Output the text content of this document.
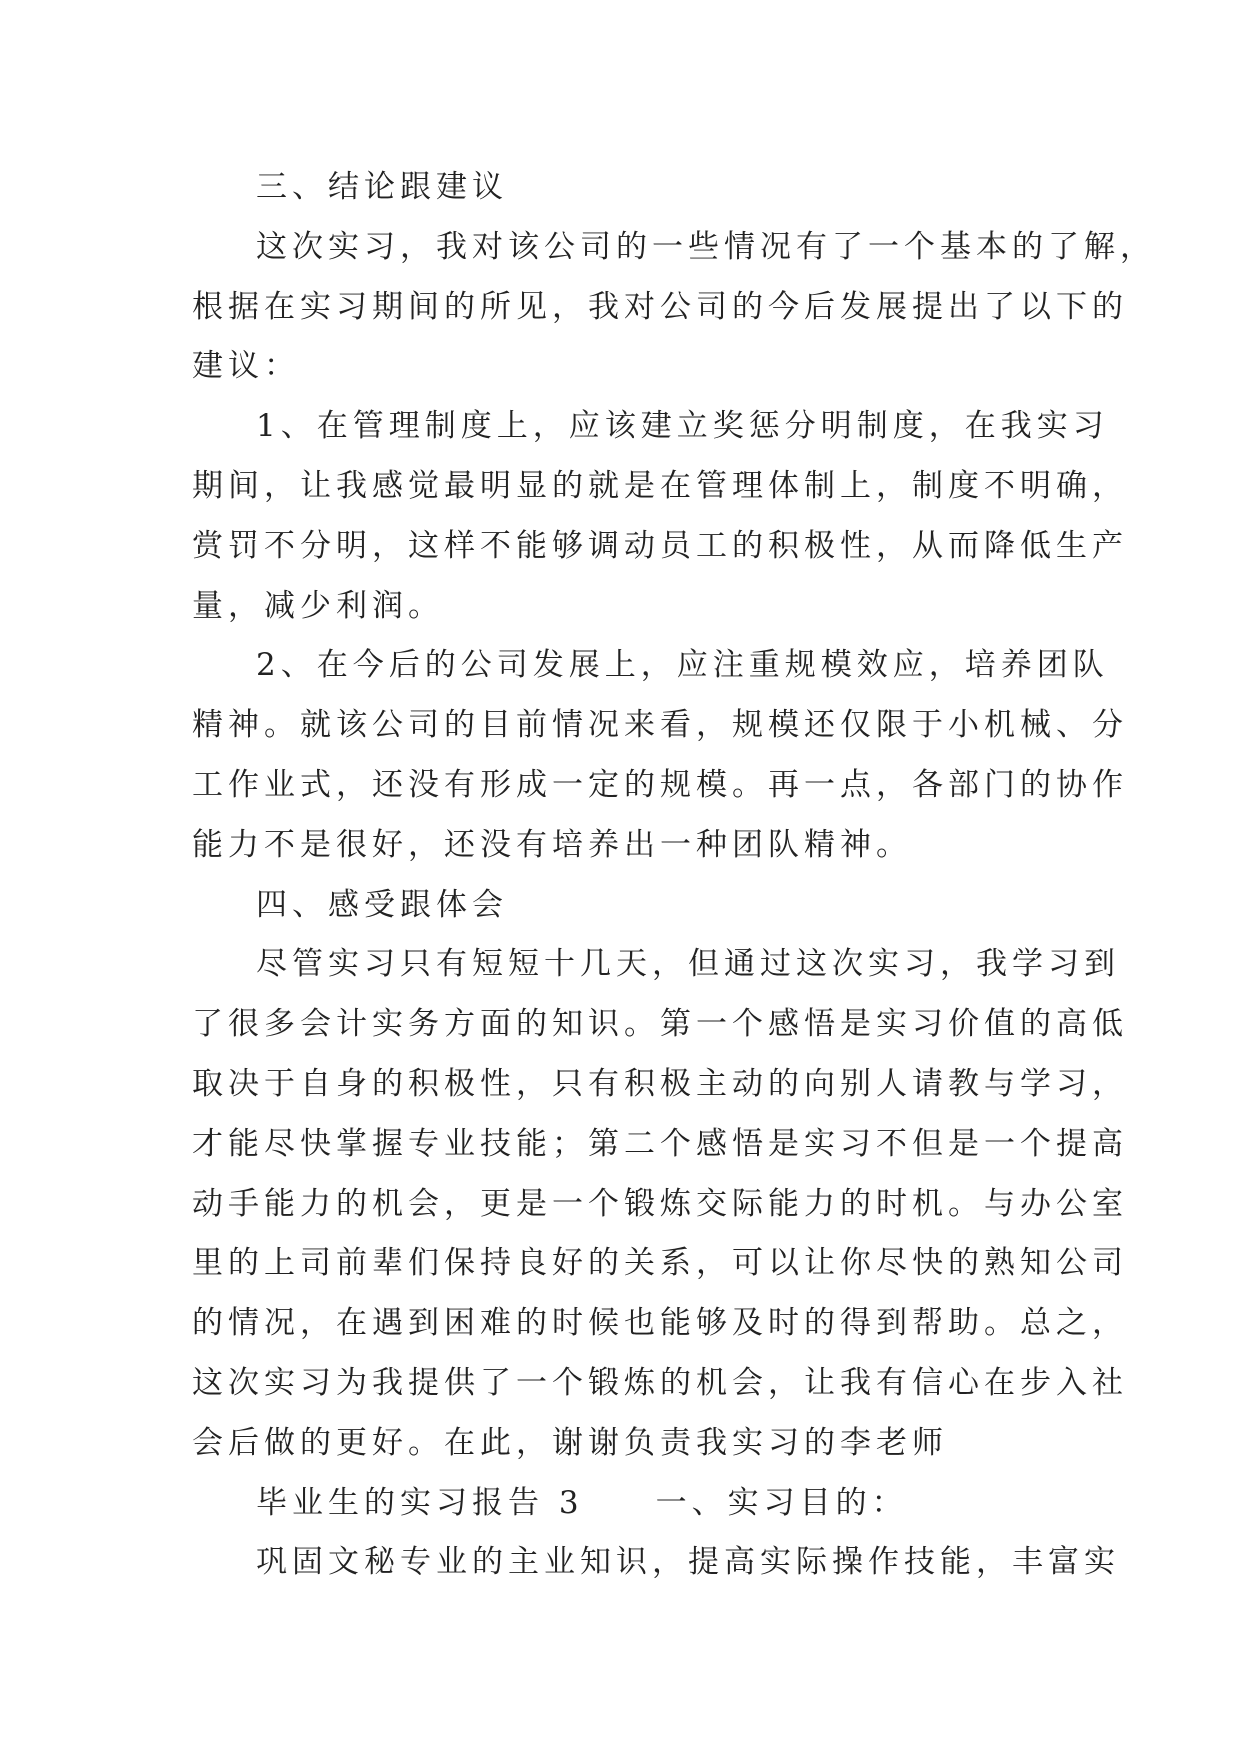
三、结论跟建议
这次实习，我对该公司的一些情况有了一个基本的了解，
根据在实习期间的所见，我对公司的今后发展提出了以下的
建议：
1、在管理制度上，应该建立奖惩分明制度，在我实习
期间，让我感觉最明显的就是在管理体制上，制度不明确，
赏罚不分明，这样不能够调动员工的积极性，从而降低生产
量，减少利润。
2、在今后的公司发展上，应注重规模效应，培养团队
精神。就该公司的目前情况来看，规模还仅限于小机械、分
工作业式，还没有形成一定的规模。再一点，各部门的协作
能力不是很好，还没有培养出一种团队精神。
四、感受跟体会
尽管实习只有短短十几天，但通过这次实习，我学习到
了很多会计实务方面的知识。第一个感悟是实习价值的高低
取决于自身的积极性，只有积极主动的向别人请教与学习，
才能尽快掌握专业技能；第二个感悟是实习不但是一个提高
动手能力的机会，更是一个锻炼交际能力的时机。与办公室
里的上司前辈们保持良好的关系，可以让你尽快的熟知公司
的情况，在遇到困难的时候也能够及时的得到帮助。总之，
这次实习为我提供了一个锻炼的机会，让我有信心在步入社
会后做的更好。在此，谢谢负责我实习的李老师
毕业生的实习报告 3　　一、实习目的：
巩固文秘专业的主业知识，提高实际操作技能，丰富实
